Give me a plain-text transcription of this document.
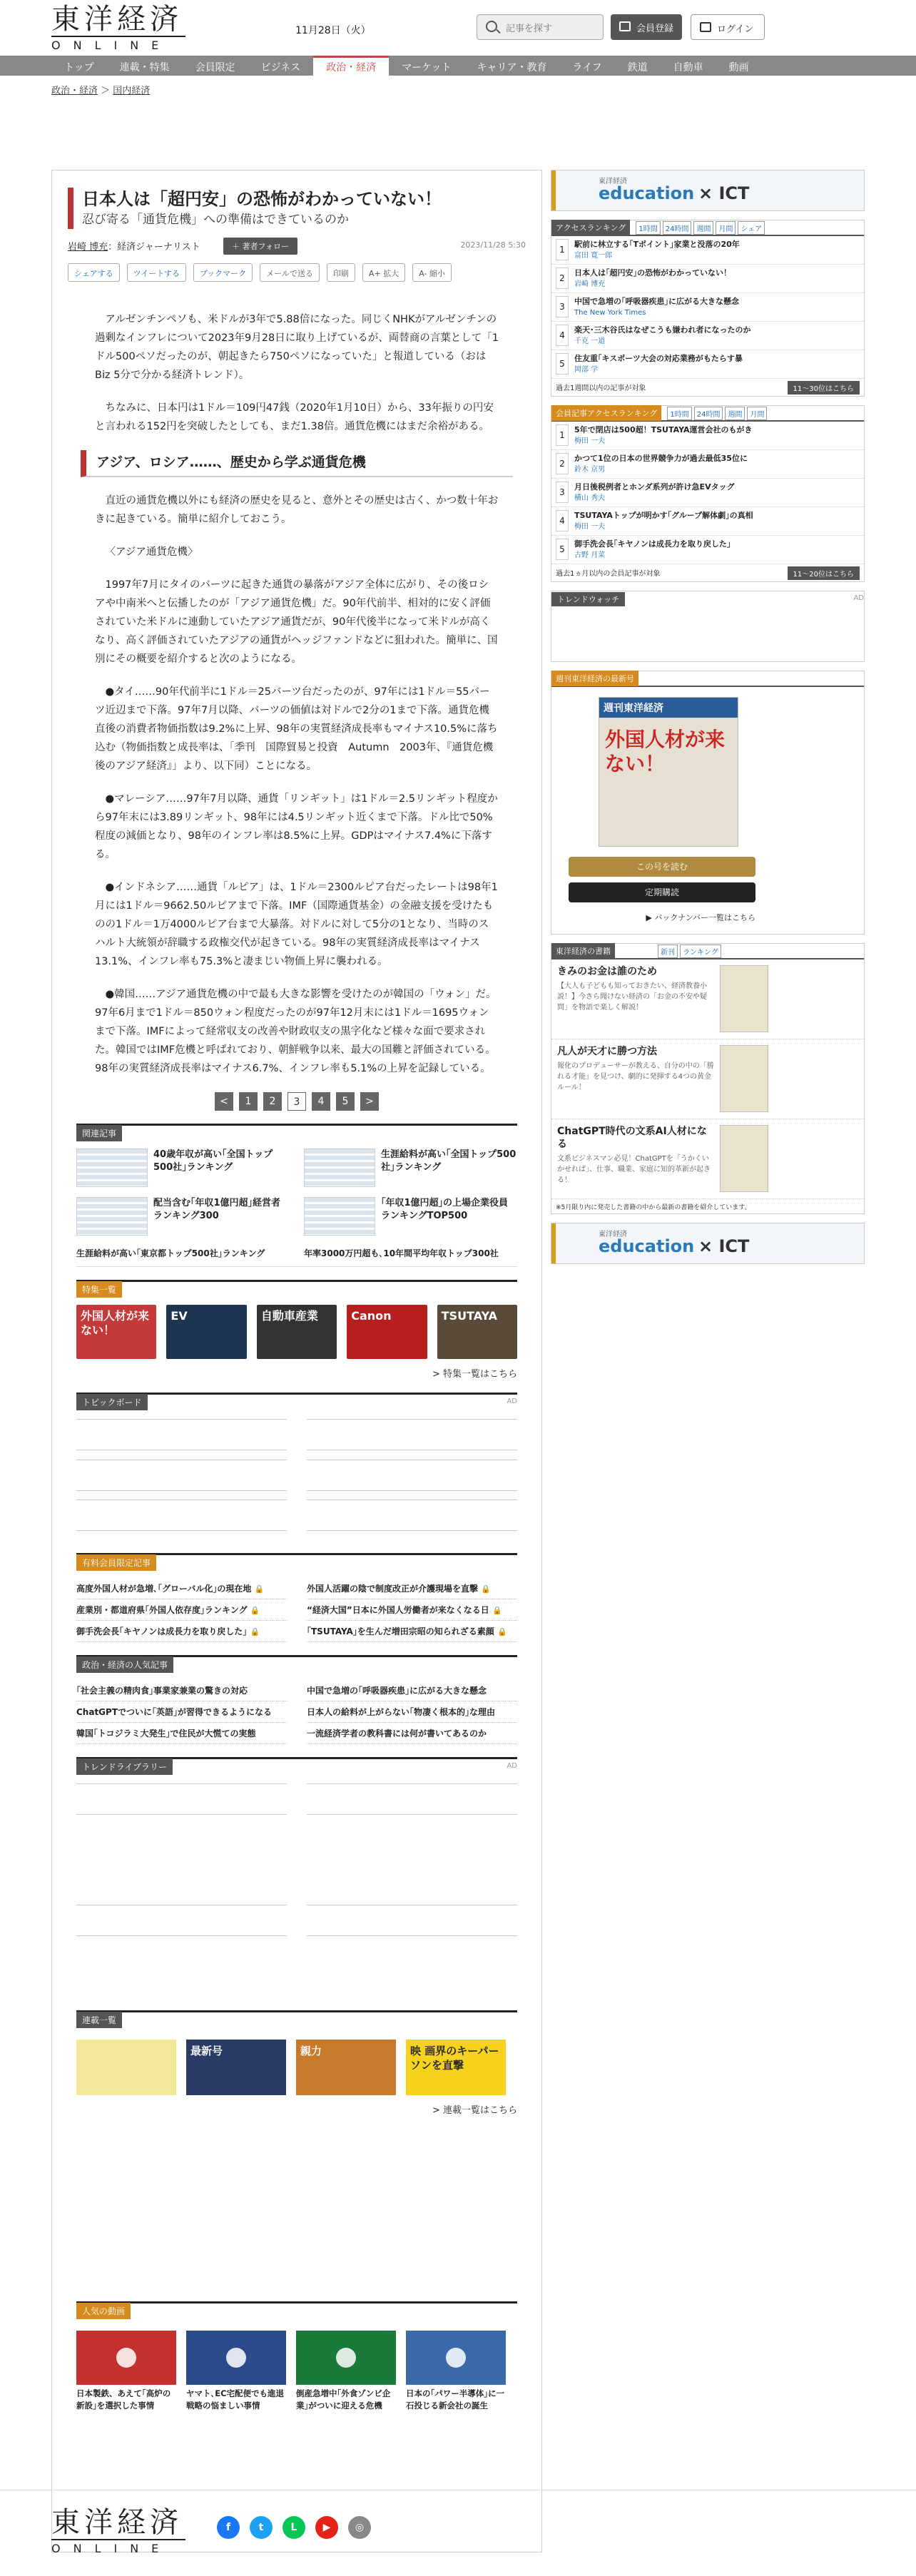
東洋経済
ONLINE
11月28日（火）	記事を探す	会員登録	ログイン
トップ	連載・特集	会員限定	ビジネス	政治・経済	マーケット	キャリア・教育	ライフ	鉄道	自動車	動画
政治・経済 ＞ 国内経済
日本人は「超円安」の恐怖がわかっていない！
忍び寄る「通貨危機」への準備はできているのか
岩崎 博充：経済ジャーナリスト	＋ 著者フォロー	2023/11/28 5:30
シェアする	ツイートする	ブックマーク	メールで送る	印刷	A+ 拡大	A- 縮小

アルゼンチンペソも、米ドルが3年で5.88倍になった。同じくNHKがアルゼンチンの過剰なインフレについて2023年9月28日に取り上げているが、両替商の言葉として「1ドル500ペソだったのが、朝起きたら750ペソになっていた」と報道している（おはBiz 5分で分かる経済トレンド）。

ちなみに、日本円は1ドル＝109円47銭（2020年1月10日）から、33年振りの円安と言われる152円を突破したとしても、まだ1.38倍。通貨危機にはまだ余裕がある。

アジア、ロシア……、歴史から学ぶ通貨危機

直近の通貨危機以外にも経済の歴史を見ると、意外とその歴史は古く、かつ数十年おきに起きている。簡単に紹介しておこう。

〈アジア通貨危機〉

1997年7月にタイのバーツに起きた通貨の暴落がアジア全体に広がり、その後ロシアや中南米へと伝播したのが「アジア通貨危機」だ。90年代前半、相対的に安く評価されていた米ドルに連動していたアジア通貨だが、90年代後半になって米ドルが高くなり、高く評価されていたアジアの通貨がヘッジファンドなどに狙われた。簡単に、国別にその概要を紹介すると次のようになる。

●タイ……90年代前半に1ドル＝25バーツ台だったのが、97年には1ドル＝55バーツ近辺まで下落。97年7月以降、バーツの価値は対ドルで2分の1まで下落。通貨危機直後の消費者物価指数は9.2%に上昇、98年の実質経済成長率もマイナス10.5%に落ち込む（物価指数と成長率は、「季刊　国際貿易と投資　Autumn　2003年、『通貨危機後のアジア経済』」より、以下同）ことになる。

●マレーシア……97年7月以降、通貨「リンギット」は1ドル＝2.5リンギット程度から97年末には3.89リンギット、98年には4.5リンギット近くまで下落。ドル比で50%程度の減価となり、98年のインフレ率は8.5%に上昇。GDPはマイナス7.4%に下落する。

●インドネシア……通貨「ルピア」は、1ドル＝2300ルピア台だったレートは98年1月には1ドル＝9662.50ルピアまで下落。IMF（国際通貨基金）の金融支援を受けたものの1ドル＝1万4000ルピア台まで大暴落。対ドルに対して5分の1となり、当時のスハルト大統領が辞職する政権交代が起きている。98年の実質経済成長率はマイナス13.1%、インフレ率も75.3%と凄まじい物価上昇に襲われる。

●韓国……アジア通貨危機の中で最も大きな影響を受けたのが韓国の「ウォン」だ。97年6月まで1ドル＝850ウォン程度だったのが97年12月末には1ドル＝1695ウォンまで下落。IMFによって経常収支の改善や財政収支の黒字化など様々な面で要求された。韓国ではIMF危機と呼ばれており、朝鮮戦争以来、最大の国難と評価されている。98年の実質経済成長率はマイナス6.7%、インフレ率も5.1%の上昇を記録している。

<	1	2	3	4	5	>
関連記事
40歳年収が高い｢全国トップ500社｣ランキング
生涯給料が高い｢全国トップ500社｣ランキング
配当含む｢年収1億円超｣経営者ランキング300
｢年収1億円超｣の上場企業役員ランキングTOP500
生涯給料が高い｢東京都トップ500社｣ランキング	年率3000万円超も､10年間平均年収トップ300社
特集一覧
外国人材が来ない！
EV	自動車産業	Canon	TSUTAYA
> 特集一覧はこちら
トピックボード	AD
有料会員限定記事
高度外国人材が急増､｢グローバル化｣の現在地 🔒	外国人活躍の陰で制度改正が介護現場を直撃 🔒
産業別・都道府県｢外国人依存度｣ランキング 🔒	“経済大国”日本に外国人労働者が来なくなる日 🔒
御手洗会長｢キヤノンは成長力を取り戻した｣ 🔒	｢TSUTAYA｣を生んだ増田宗昭の知られざる素顔 🔒
政治・経済の人気記事
｢社会主義の精肉食｣事業家兼業の驚きの対応	中国で急増の｢呼吸器疾患｣に広がる大きな懸念
ChatGPTでついに｢英語｣が習得できるようになる	日本人の給料が上がらない｢物凄く根本的｣な理由
韓国｢トコジラミ大発生｣で住民が大慌ての実態	一流経済学者の教科書には何が書いてあるのか
トレンドライブラリー	AD
連載一覧
最新号	親力	映 画界のキーパーソンを直撃
> 連載一覧はこちら
人気の動画
日本製鉄、あえて｢高炉の新設｣を選択した事情
ヤマト､EC宅配便でも進退戦略の悩ましい事情
倒産急増中｢外食ゾンビ企業｣がついに迎える危機
日本の｢パワー半導体｣に一石投じる新会社の誕生
東洋経済
education × ICT
アクセスランキング	1時間	24時間	週間	月間	シェア
1
駅前に林立する｢Tポイント｣家業と没落の20年
富田 寛一郎
2
日本人は｢超円安｣の恐怖がわかっていない！
岩崎 博充
3
中国で急増の｢呼吸器疾患｣に広がる大きな懸念
The New York Times
4
楽天･三木谷氏はなぜこうも嫌われ者になったのか
千克 一道
5
住友重｢キスポーツ大会の対応業務がもたらす暴
岡部 学
過去1週間以内の記事が対象	11～30位はこちら
会員記事アクセスランキング	1時間	24時間	週間	月間
1
5年で閉店は500超！TSUTAYA運営会社のもがき
梅田 一夫
2
かつて1位の日本の世界競争力が過去最低35位に
鈴木 京男
3
月日後税例者とホンダ系列が許け急EVタッグ
横山 秀夫
4
TSUTAYAトップが明かす｢グループ解体劇｣の真相
梅田 一夫
5
御手洗会長｢キヤノンは成長力を取り戻した｣
古野 月菜
過去1ヵ月以内の会員記事が対象	11～20位はこちら
トレンドウォッチ	AD
週刊東洋経済の最新号
週刊東洋経済
外国人材が来ない！
この号を読む
定期購読
▶ バックナンバー一覧はこちら
東洋経済の書籍	新刊	ランキング
きみのお金は誰のため
【大人も子どもも知っておきたい、経済教養小説！】今さら聞けない経済の「お金の不安や疑問」を物語で楽しく解説！
凡人が天才に勝つ方法
報化のプロデューサーが教える、自分の中の「勝れる才能」を見つけ、劇的に発揮する4つの黄金ルール！
ChatGPT時代の文系AI人材になる
文系ビジネスマン必見！ChatGPTを「うかくいかせれば」、仕事、職業、家庭に知的革新が起きる！
※5月限り内に発売した書籍の中から最新の書籍を紹介しています。
東洋経済
education × ICT
東洋経済
ONLINE
f	t	L	▶	◎
